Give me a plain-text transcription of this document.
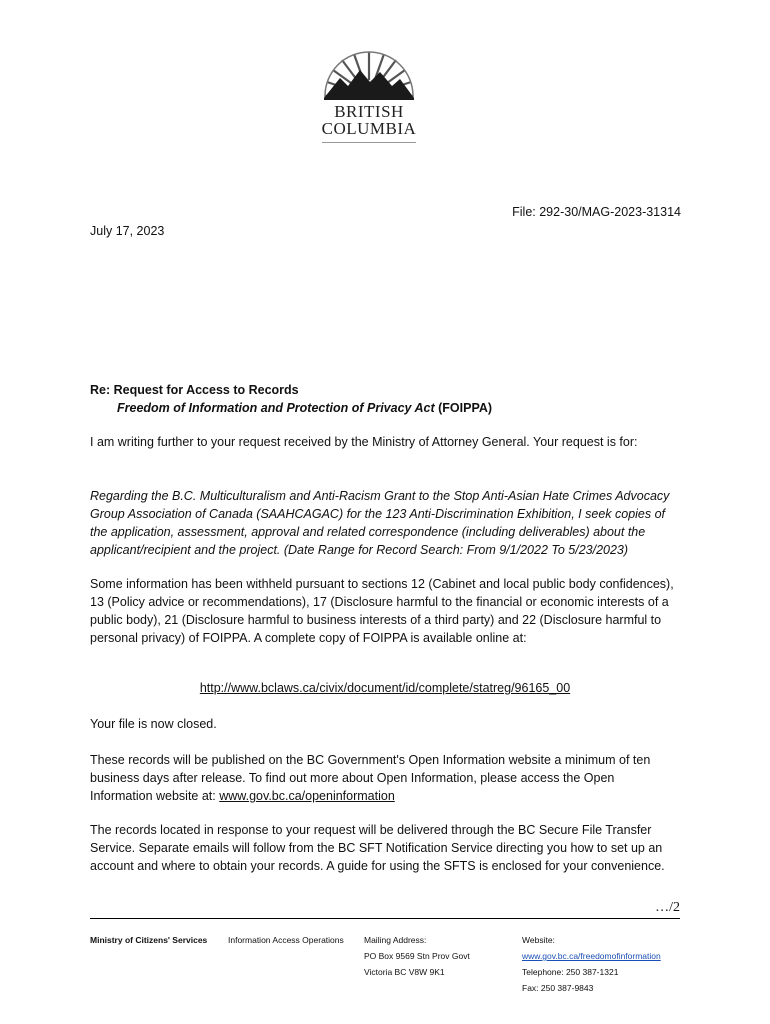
BRITISH
COLUMBIA
File: 292-30/MAG-2023-31314
July 17, 2023
Re: Request for Access to Records
Freedom of Information and Protection of Privacy Act (FOIPPA)
I am writing further to your request received by the Ministry of Attorney General. Your request is for:
Regarding the B.C. Multiculturalism and Anti-Racism Grant to the Stop Anti-Asian Hate Crimes Advocacy Group Association of Canada (SAAHCAGAC) for the 123 Anti-Discrimination Exhibition, I seek copies of the application, assessment, approval and related correspondence (including deliverables) about the applicant/recipient and the project. (Date Range for Record Search: From 9/1/2022 To 5/23/2023)
Some information has been withheld pursuant to sections 12 (Cabinet and local public body confidences), 13 (Policy advice or recommendations), 17 (Disclosure harmful to the financial or economic interests of a public body), 21 (Disclosure harmful to business interests of a third party) and 22 (Disclosure harmful to personal privacy) of FOIPPA. A complete copy of FOIPPA is available online at:
http://www.bclaws.ca/civix/document/id/complete/statreg/96165_00
Your file is now closed.
These records will be published on the BC Government's Open Information website a minimum of ten business days after release. To find out more about Open Information, please access the Open Information website at: www.gov.bc.ca/openinformation
The records located in response to your request will be delivered through the BC Secure File Transfer Service. Separate emails will follow from the BC SFT Notification Service directing you how to set up an account and where to obtain your records. A guide for using the SFTS is enclosed for your convenience.
…/2
Ministry of Citizens' Services Information Access Operations Mailing Address:
PO Box 9569 Stn Prov Govt
Victoria BC V8W 9K1
Website:
www.gov.bc.ca/freedomofinformation
Telephone: 250 387-1321
Fax: 250 387-9843
